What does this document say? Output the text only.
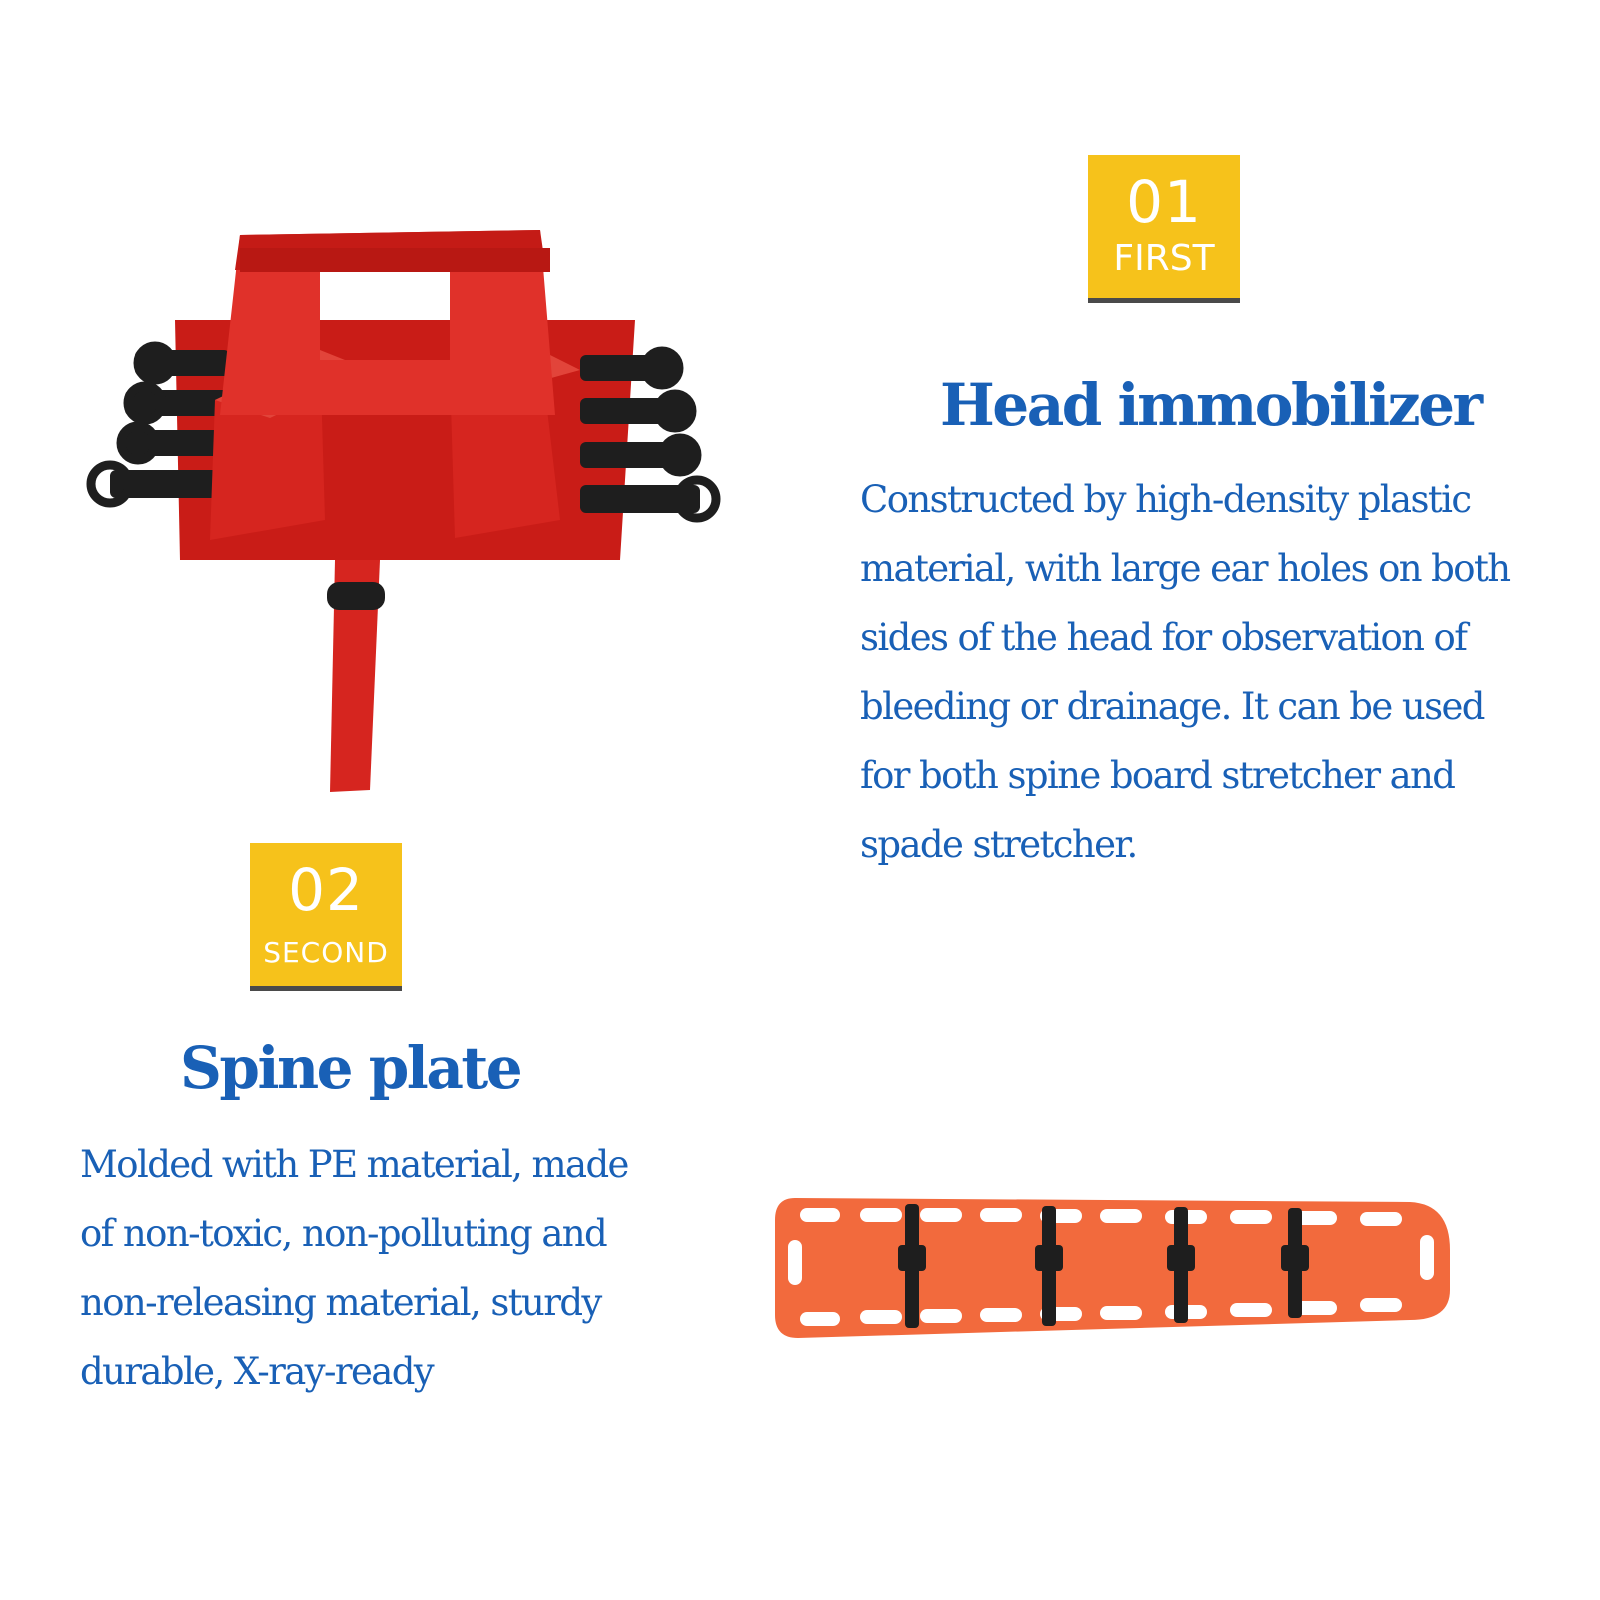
01
FIRST
Head immobilizer
Constructed by high-density plastic
material, with large ear holes on both
sides of the head for observation of
bleeding or drainage. It can be used
for both spine board stretcher and
spade stretcher.
02
SECOND
Spine plate
Molded with PE material, made
of non-toxic, non-polluting and
non-releasing material, sturdy
durable, X-ray-ready
